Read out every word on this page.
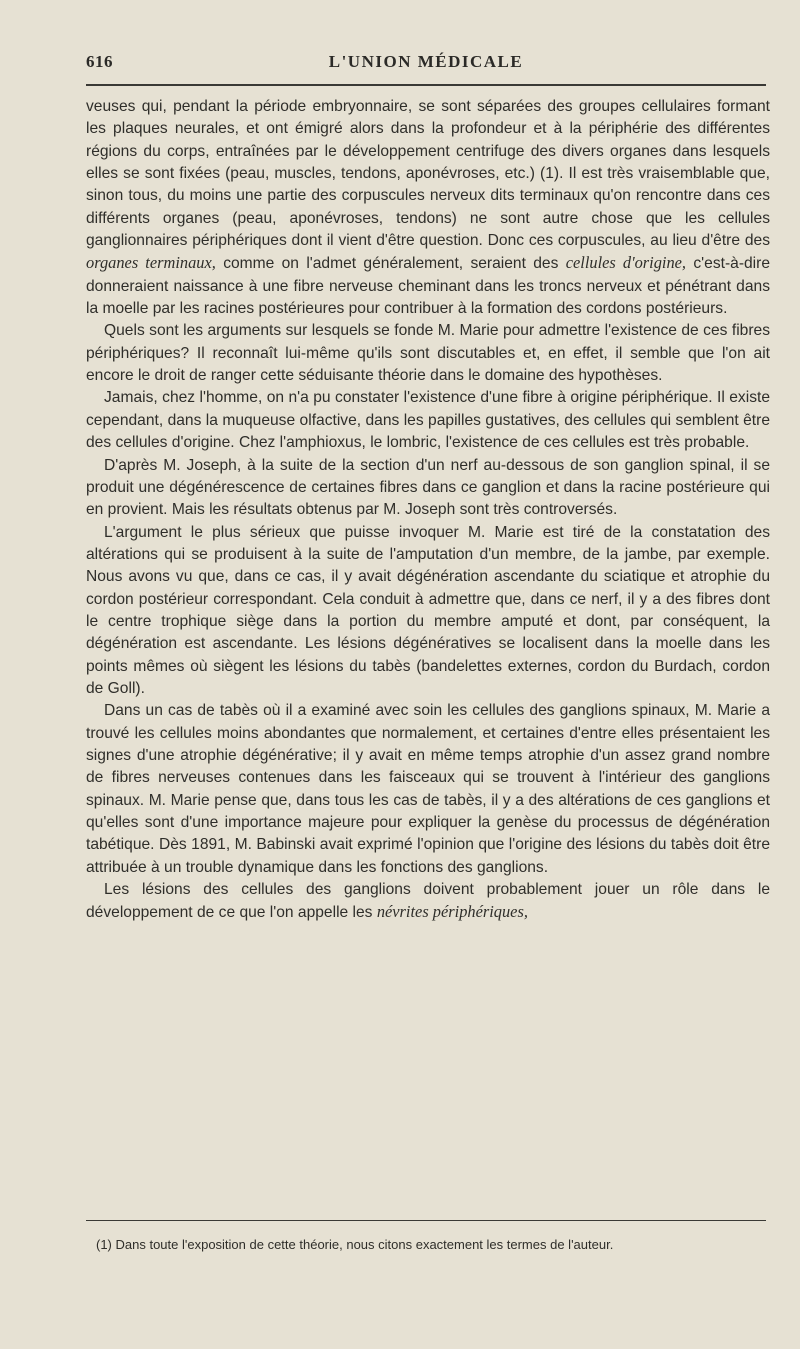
616	L'UNION MÉDICALE

veuses qui, pendant la période embryonnaire, se sont séparées des groupes cellulaires formant les plaques neurales, et ont émigré alors dans la profondeur et à la périphérie des différentes régions du corps, entraînées par le développement centrifuge des divers organes dans lesquels elles se sont fixées (peau, muscles, tendons, aponévroses, etc.) (1). Il est très vraisemblable que, sinon tous, du moins une partie des corpuscules nerveux dits terminaux qu'on rencontre dans ces différents organes (peau, aponévroses, tendons) ne sont autre chose que les cellules ganglionnaires périphériques dont il vient d'être question. Donc ces corpuscules, au lieu d'être des organes terminaux, comme on l'admet généralement, seraient des cellules d'origine, c'est-à-dire donneraient naissance à une fibre nerveuse cheminant dans les troncs nerveux et pénétrant dans la moelle par les racines postérieures pour contribuer à la formation des cordons postérieurs.

Quels sont les arguments sur lesquels se fonde M. Marie pour admettre l'existence de ces fibres périphériques? Il reconnaît lui-même qu'ils sont discutables et, en effet, il semble que l'on ait encore le droit de ranger cette séduisante théorie dans le domaine des hypothèses.

Jamais, chez l'homme, on n'a pu constater l'existence d'une fibre à origine périphérique. Il existe cependant, dans la muqueuse olfactive, dans les papilles gustatives, des cellules qui semblent être des cellules d'origine. Chez l'amphioxus, le lombric, l'existence de ces cellules est très probable.

D'après M. Joseph, à la suite de la section d'un nerf au-dessous de son ganglion spinal, il se produit une dégénérescence de certaines fibres dans ce ganglion et dans la racine postérieure qui en provient. Mais les résultats obtenus par M. Joseph sont très controversés.

L'argument le plus sérieux que puisse invoquer M. Marie est tiré de la constatation des altérations qui se produisent à la suite de l'amputation d'un membre, de la jambe, par exemple. Nous avons vu que, dans ce cas, il y avait dégénération ascendante du sciatique et atrophie du cordon postérieur correspondant. Cela conduit à admettre que, dans ce nerf, il y a des fibres dont le centre trophique siège dans la portion du membre amputé et dont, par conséquent, la dégénération est ascendante. Les lésions dégénératives se localisent dans la moelle dans les points mêmes où siègent les lésions du tabès (bandelettes externes, cordon du Burdach, cordon de Goll).

Dans un cas de tabès où il a examiné avec soin les cellules des ganglions spinaux, M. Marie a trouvé les cellules moins abondantes que normalement, et certaines d'entre elles présentaient les signes d'une atrophie dégénérative; il y avait en même temps atrophie d'un assez grand nombre de fibres nerveuses contenues dans les faisceaux qui se trouvent à l'intérieur des ganglions spinaux. M. Marie pense que, dans tous les cas de tabès, il y a des altérations de ces ganglions et qu'elles sont d'une importance majeure pour expliquer la genèse du processus de dégénération tabétique. Dès 1891, M. Babinski avait exprimé l'opinion que l'origine des lésions du tabès doit être attribuée à un trouble dynamique dans les fonctions des ganglions.

Les lésions des cellules des ganglions doivent probablement jouer un rôle dans le développement de ce que l'on appelle les névrites périphériques,

(1) Dans toute l'exposition de cette théorie, nous citons exactement les termes de l'auteur.
